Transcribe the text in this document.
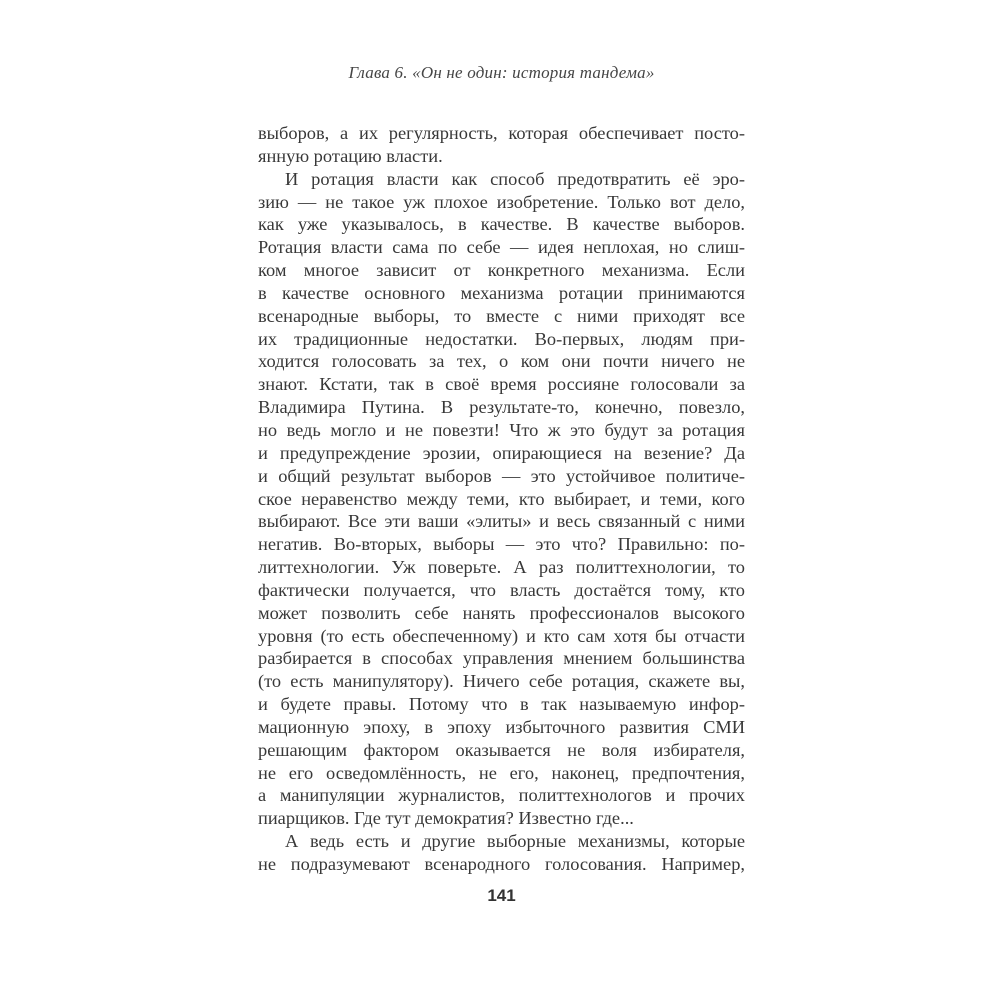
Глава 6. «Он не один: история тандема»
выборов, а их регулярность, которая обеспечивает посто-
янную ротацию власти.
И ротация власти как способ предотвратить её эро-
зию — не такое уж плохое изобретение. Только вот дело,
как уже указывалось, в качестве. В качестве выборов.
Ротация власти сама по себе — идея неплохая, но слиш-
ком многое зависит от конкретного механизма. Если
в качестве основного механизма ротации принимаются
всенародные выборы, то вместе с ними приходят все
их традиционные недостатки. Во-первых, людям при-
ходится голосовать за тех, о ком они почти ничего не
знают. Кстати, так в своё время россияне голосовали за
Владимира Путина. В результате-то, конечно, повезло,
но ведь могло и не повезти! Что ж это будут за ротация
и предупреждение эрозии, опирающиеся на везение? Да
и общий результат выборов — это устойчивое политиче-
ское неравенство между теми, кто выбирает, и теми, кого
выбирают. Все эти ваши «элиты» и весь связанный с ними
негатив. Во-вторых, выборы — это что? Правильно: по-
литтехнологии. Уж поверьте. А раз политтехнологии, то
фактически получается, что власть достаётся тому, кто
может позволить себе нанять профессионалов высокого
уровня (то есть обеспеченному) и кто сам хотя бы отчасти
разбирается в способах управления мнением большинства
(то есть манипулятору). Ничего себе ротация, скажете вы,
и будете правы. Потому что в так называемую инфор-
мационную эпоху, в эпоху избыточного развития СМИ
решающим фактором оказывается не воля избирателя,
не его осведомлённость, не его, наконец, предпочтения,
а манипуляции журналистов, политтехнологов и прочих
пиарщиков. Где тут демократия? Известно где...
А ведь есть и другие выборные механизмы, которые
не подразумевают всенародного голосования. Например,
141
